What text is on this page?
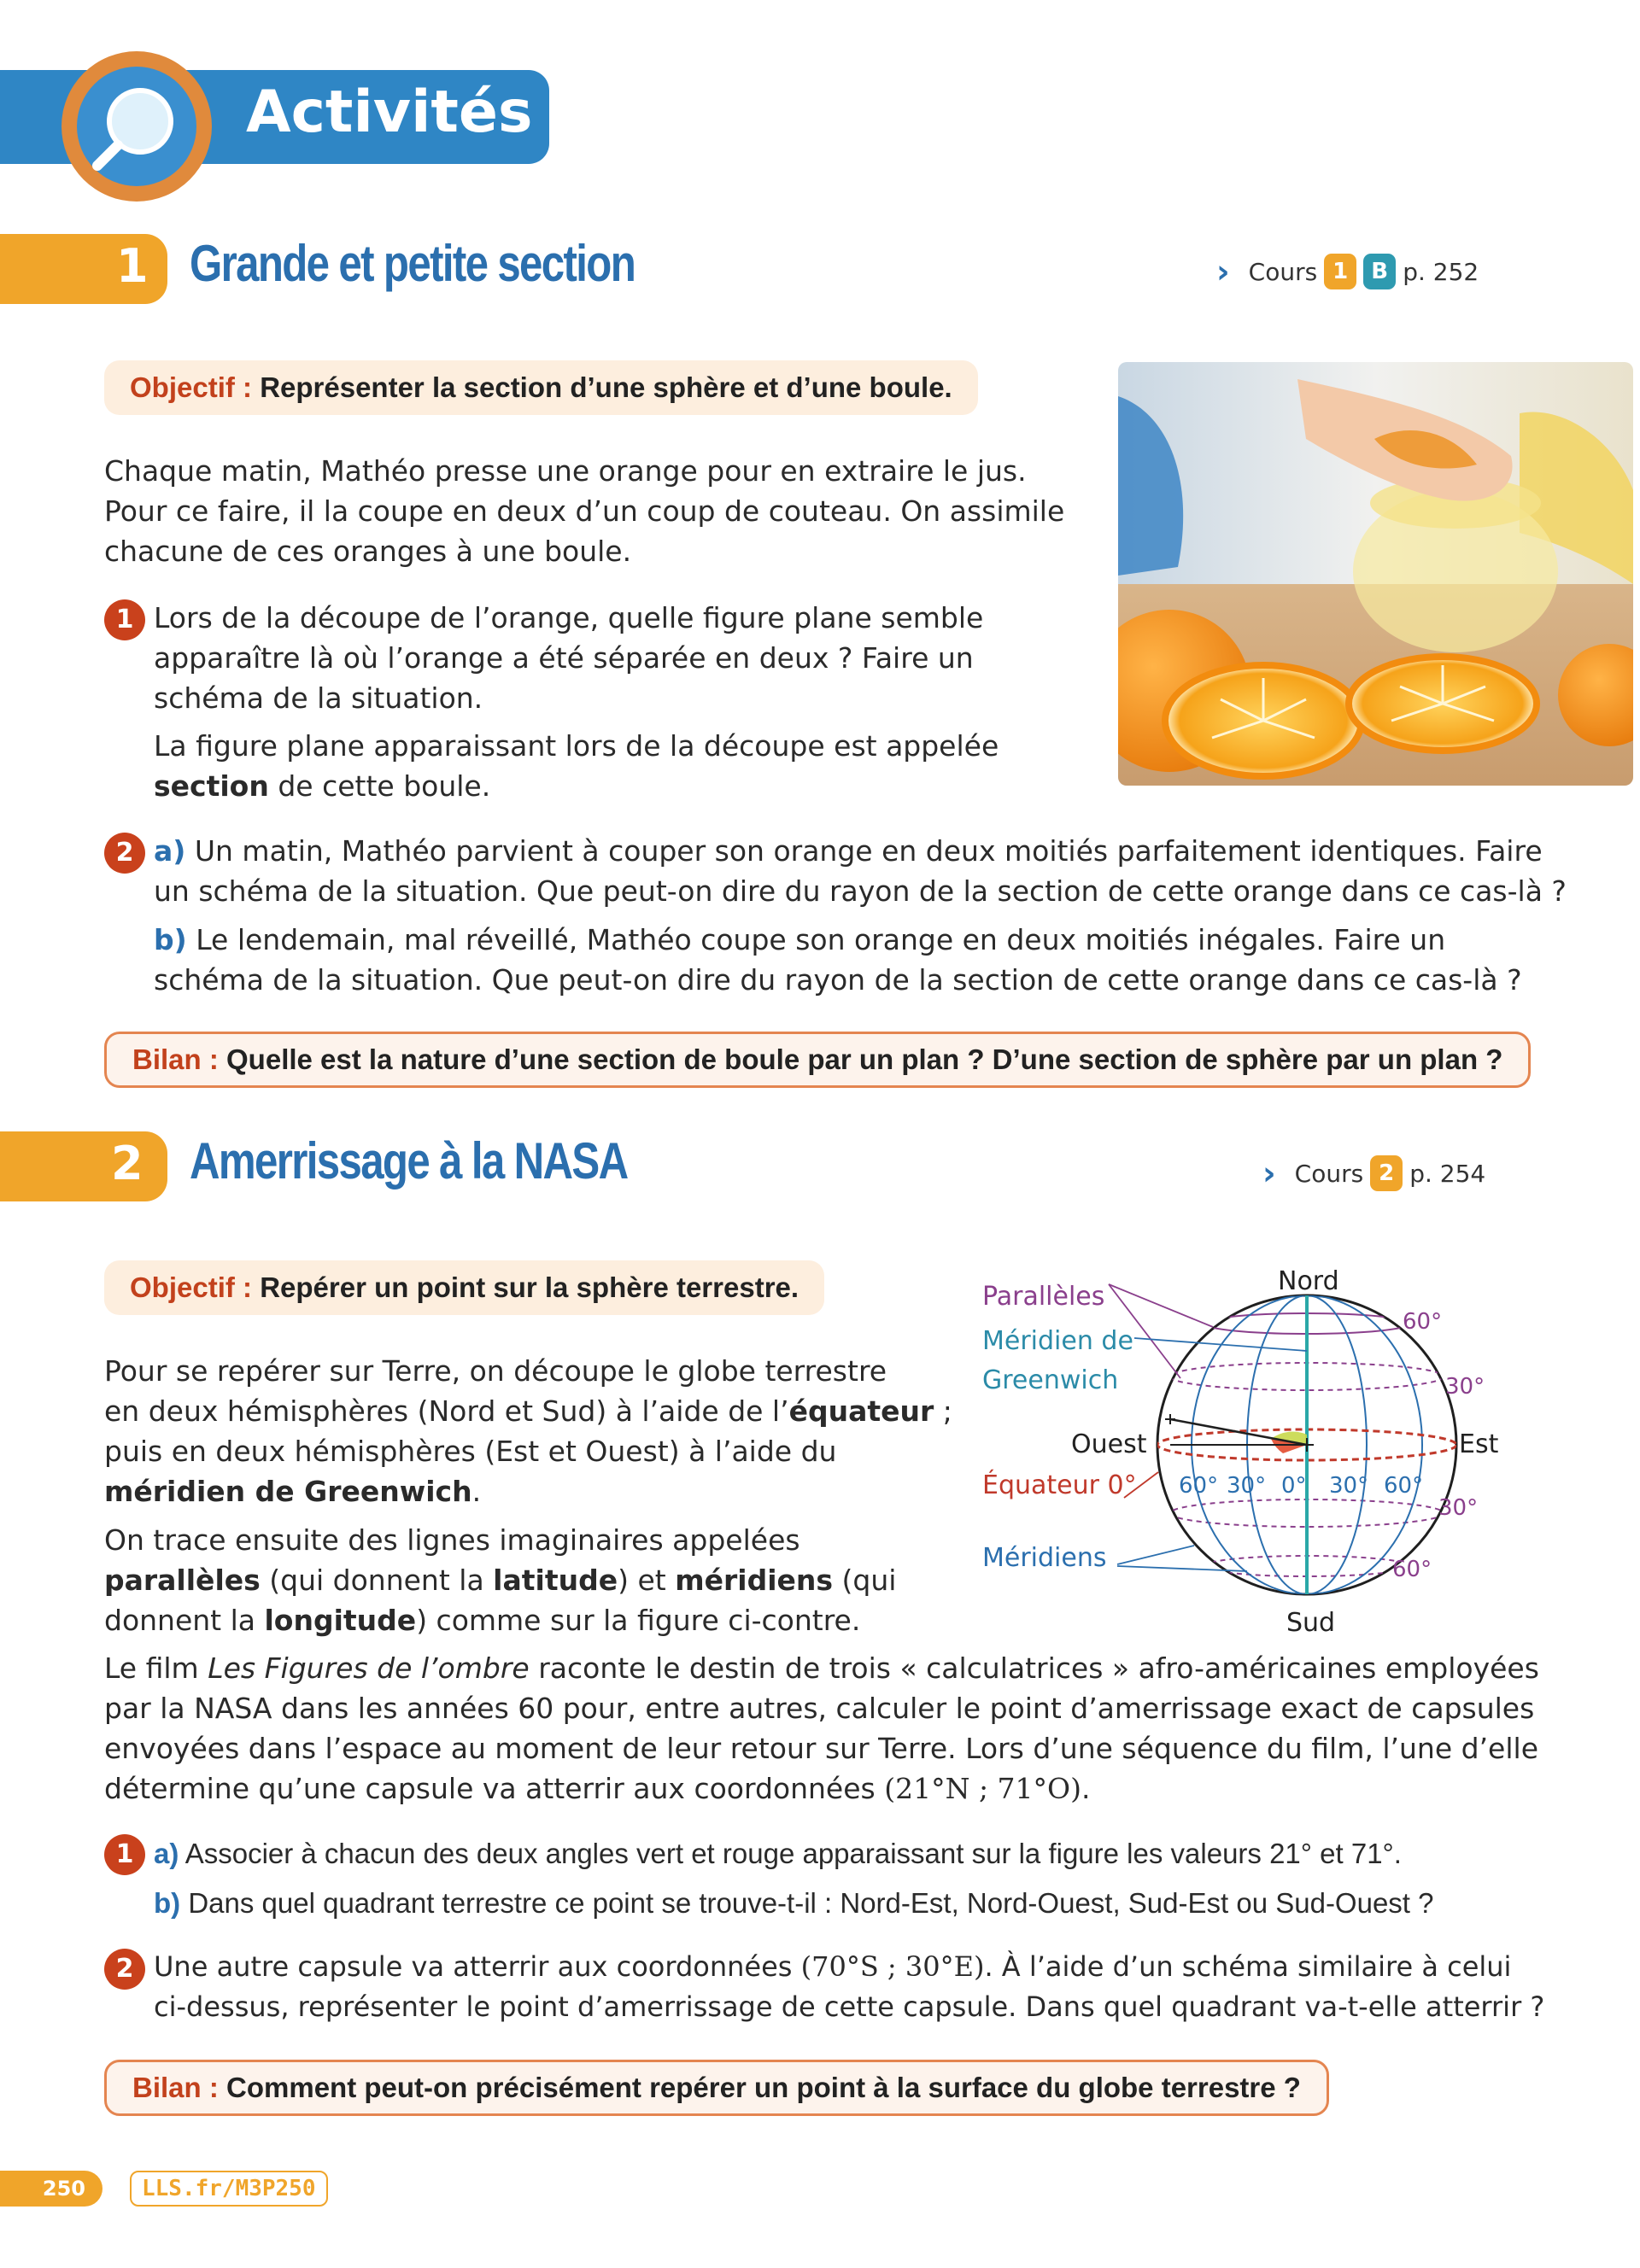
Activités
1 Grande et petite section	› Cours 1	B p. 252
Objectif : Représenter la section d’une sphère et d’une boule.
Chaque matin, Mathéo presse une orange pour en extraire le jus.
Pour ce faire, il la coupe en deux d’un coup de couteau. On assimile
chacune de ces oranges à une boule.
1 Lors de la découpe de l’orange, quelle figure plane semble
apparaître là où l’orange a été séparée en deux ? Faire un
schéma de la situation.
La figure plane apparaissant lors de la découpe est appelée
section de cette boule.
2 a) Un matin, Mathéo parvient à couper son orange en deux moitiés parfaitement identiques. Faire
un schéma de la situation. Que peut-on dire du rayon de la section de cette orange dans ce cas-là ?
b) Le lendemain, mal réveillé, Mathéo coupe son orange en deux moitiés inégales. Faire un
schéma de la situation. Que peut-on dire du rayon de la section de cette orange dans ce cas-là ?
Bilan : Quelle est la nature d’une section de boule par un plan ? D’une section de sphère par un plan ?
2 Amerrissage à la NASA	› Cours 2 p. 254
Objectif : Repérer un point sur la sphère terrestre.
Pour se repérer sur Terre, on découpe le globe terrestre
en deux hémisphères (Nord et Sud) à l’aide de l’équateur ;
puis en deux hémisphères (Est et Ouest) à l’aide du
méridien de Greenwich.
On trace ensuite des lignes imaginaires appelées
parallèles (qui donnent la latitude) et méridiens (qui
donnent la longitude) comme sur la figure ci-contre.
Le film Les Figures de l’ombre raconte le destin de trois « calculatrices » afro-américaines employées
par la NASA dans les années 60 pour, entre autres, calculer le point d’amerrissage exact de capsules
envoyées dans l’espace au moment de leur retour sur Terre. Lors d’une séquence du film, l’une d’elle
détermine qu’une capsule va atterrir aux coordonnées (21°N ; 71°O).
Nord
Sud
Ouest	Est
Parallèles
Méridien de
Greenwich
Équateur 0°
Méridiens
60°
30°
30°
60°
60° 30° 0° 30° 60°
1 a) Associer à chacun des deux angles vert et rouge apparaissant sur la figure les valeurs 21° et 71°.
b) Dans quel quadrant terrestre ce point se trouve-t-il : Nord-Est, Nord-Ouest, Sud-Est ou Sud-Ouest ?
2 Une autre capsule va atterrir aux coordonnées (70°S ; 30°E). À l’aide d’un schéma similaire à celui
ci-dessus, représenter le point d’amerrissage de cette capsule. Dans quel quadrant va-t-elle atterrir ?
Bilan : Comment peut-on précisément repérer un point à la surface du globe terrestre ?
250	LLS.fr/M3P250
